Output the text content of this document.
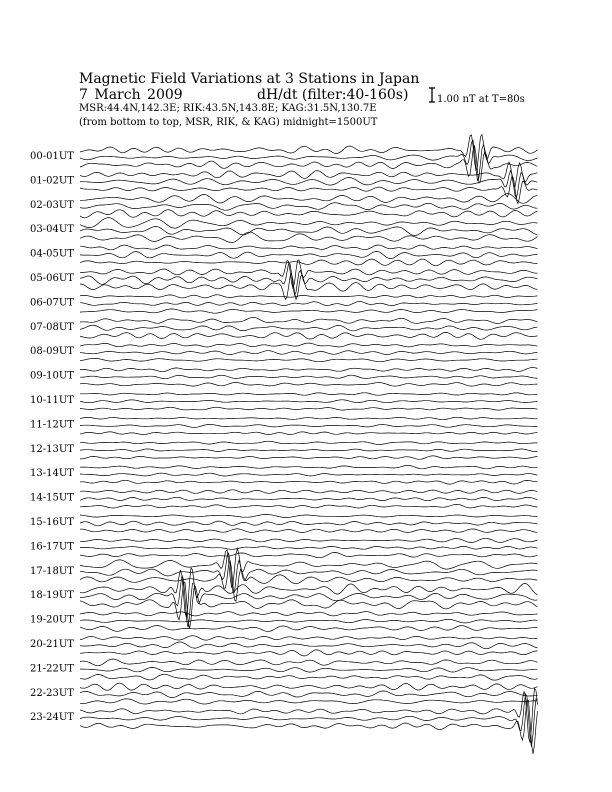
Magnetic Field Variations at 3 Stations in Japan
7 March 2009	dH/dt (filter:40-160s)
MSR:44.4N,142.3E; RIK:43.5N,143.8E; KAG:31.5N,130.7E
(from bottom to top, MSR, RIK, & KAG) midnight=1500UT
1.00 nT at T=80s
00-01UT
01-02UT
02-03UT
03-04UT
04-05UT
05-06UT
06-07UT
07-08UT
08-09UT
09-10UT
10-11UT
11-12UT
12-13UT
13-14UT
14-15UT
15-16UT
16-17UT
17-18UT
18-19UT
19-20UT
20-21UT
21-22UT
22-23UT
23-24UT
